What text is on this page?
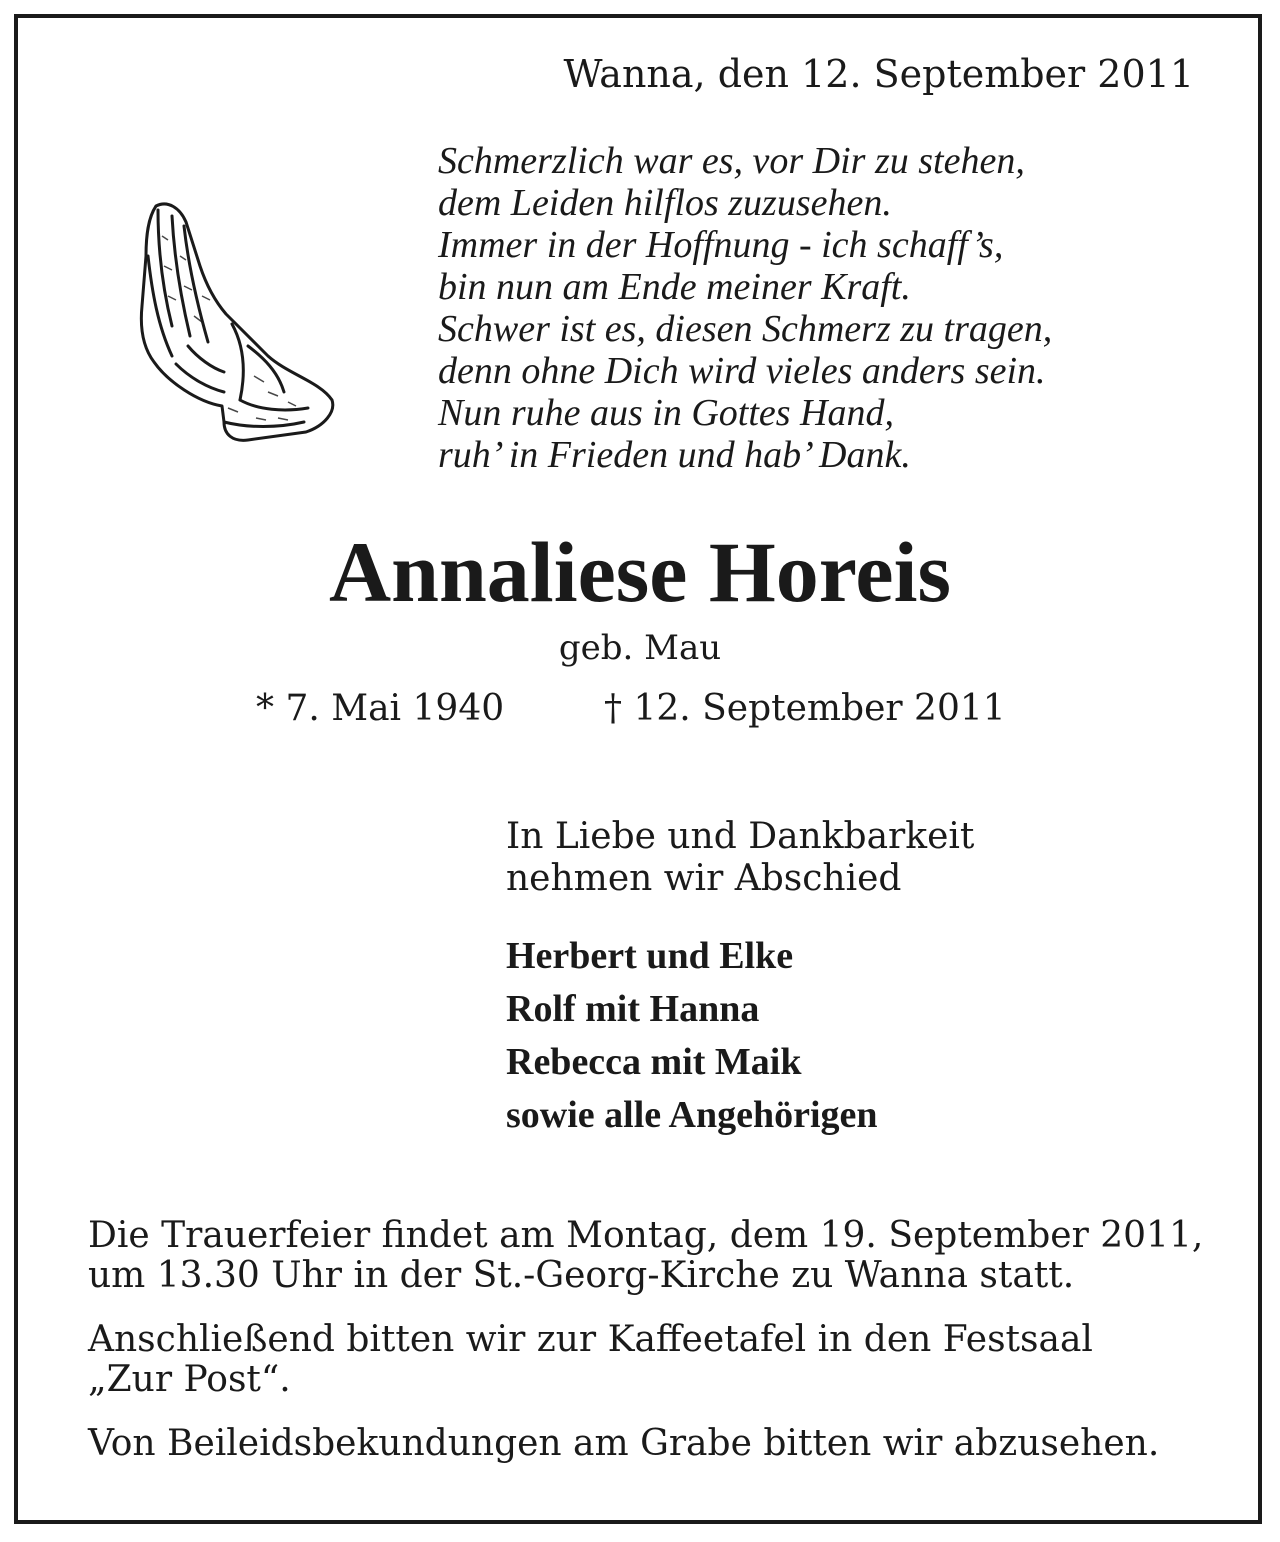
Wanna, den 12. September 2011
Schmerzlich war es, vor Dir zu stehen,
dem Leiden hilflos zuzusehen.
Immer in der Hoffnung - ich schaff’s,
bin nun am Ende meiner Kraft.
Schwer ist es, diesen Schmerz zu tragen,
denn ohne Dich wird vieles anders sein.
Nun ruhe aus in Gottes Hand,
ruh’ in Frieden und hab’ Dank.
Annaliese Horeis
geb. Mau
* 7. Mai 1940	† 12. September 2011
In Liebe und Dankbarkeit
nehmen wir Abschied
Herbert und Elke
Rolf mit Hanna
Rebecca mit Maik
sowie alle Angehörigen

Die Trauerfeier findet am Montag, dem 19. September 2011,
um 13.30 Uhr in der St.-Georg-Kirche zu Wanna statt.

Anschließend bitten wir zur Kaffeetafel in den Festsaal
„Zur Post“.

Von Beileidsbekundungen am Grabe bitten wir abzusehen.
